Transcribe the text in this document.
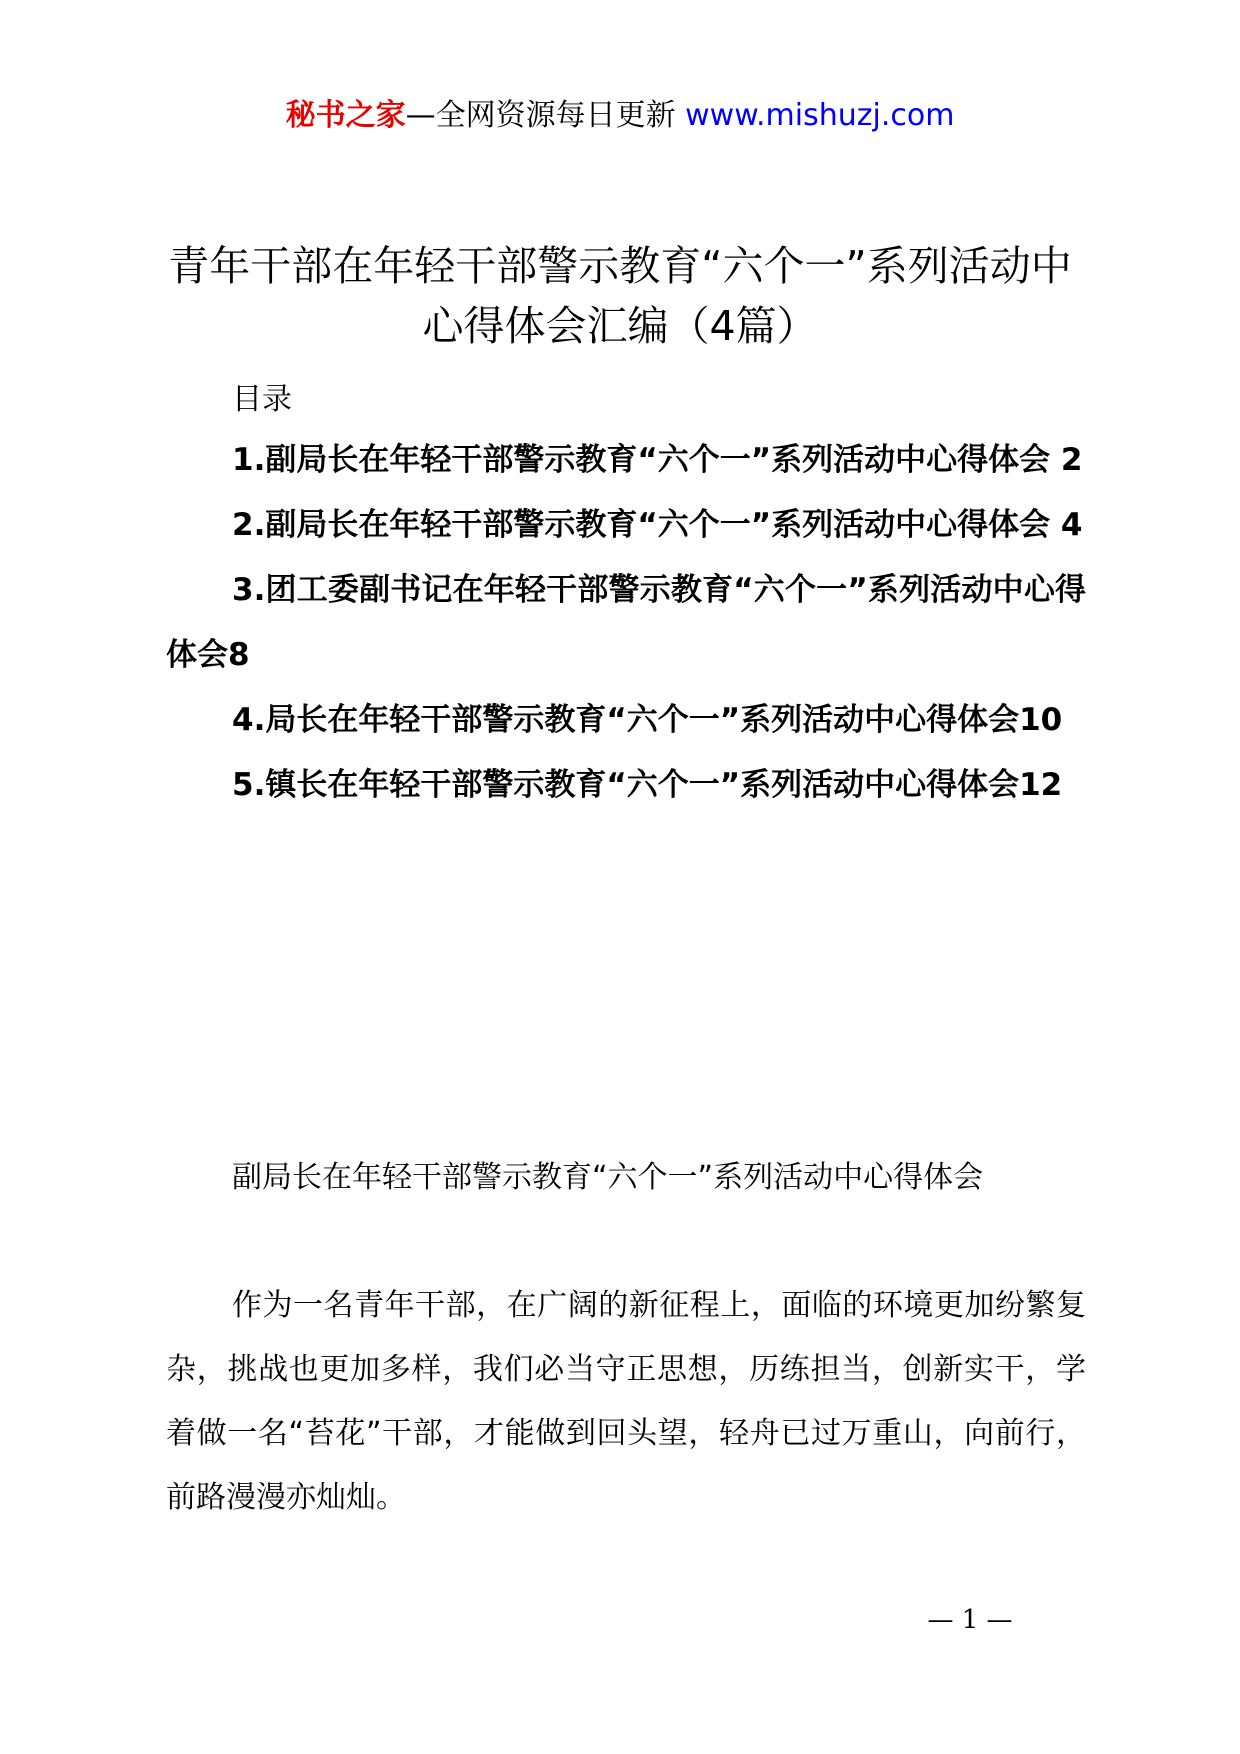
秘书之家—全网资源每日更新 www.mishuzj.com
青年干部在年轻干部警示教育“六个一”系列活动中心得体会汇编（4篇）
目录
1.副局长在年轻干部警示教育“六个一”系列活动中心得体会 2
2.副局长在年轻干部警示教育“六个一”系列活动中心得体会 4
3.团工委副书记在年轻干部警示教育“六个一”系列活动中心得体会8
4.局长在年轻干部警示教育“六个一”系列活动中心得体会10
5.镇长在年轻干部警示教育“六个一”系列活动中心得体会12

副局长在年轻干部警示教育“六个一”系列活动中心得体会

作为一名青年干部，在广阔的新征程上，面临的环境更加纷繁复杂，挑战也更加多样，我们必当守正思想，历练担当，创新实干，学着做一名“苔花”干部，才能做到回头望，轻舟已过万重山，向前行，前路漫漫亦灿灿。

— 1 —
